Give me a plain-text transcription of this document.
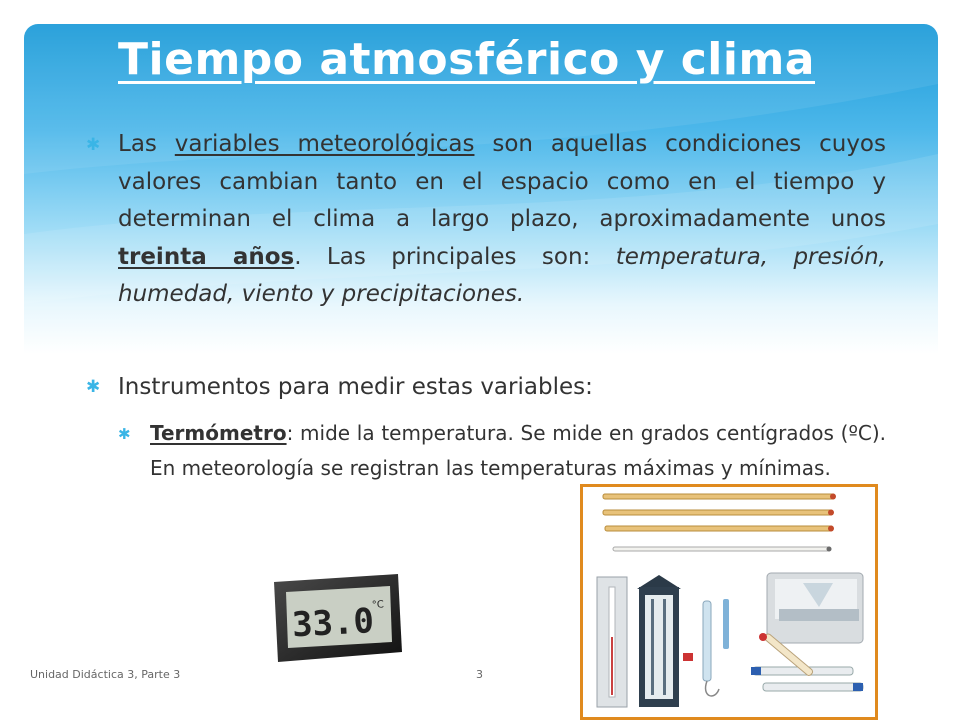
Tiempo atmosférico y clima
✱ Las variables meteorológicas son aquellas condiciones cuyos valores cambian tanto en el espacio como en el tiempo y determinan el clima a largo plazo, aproximadamente unos treinta años. Las principales son: temperatura, presión, humedad, viento y precipitaciones.
✱ Instrumentos para medir estas variables:
✱ Termómetro: mide la temperatura. Se mide en grados centígrados (ºC). En meteorología se registran las temperaturas máximas y mínimas.
33.0
°C
Unidad Didáctica 3, Parte 3	3
